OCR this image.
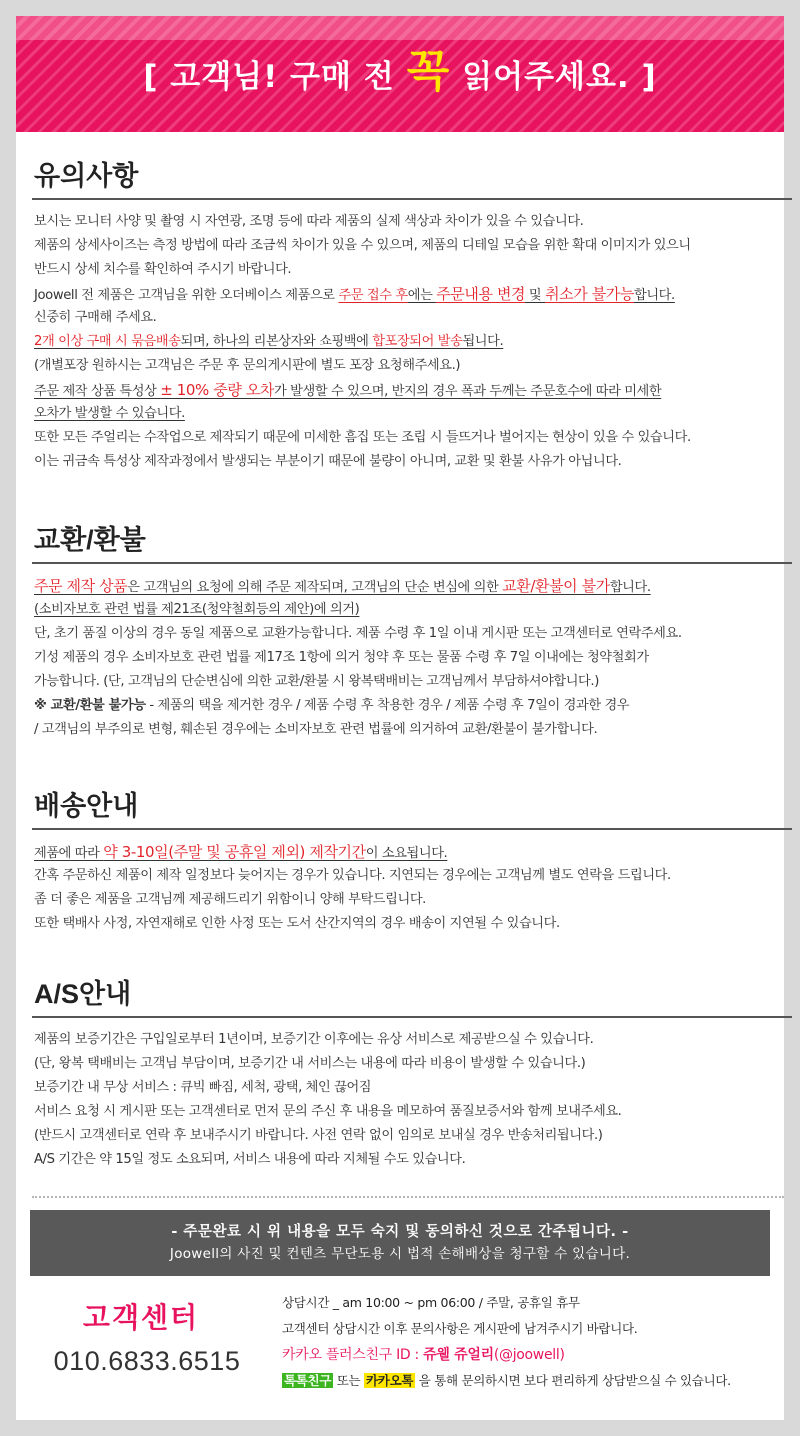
[ 고객님! 구매 전 꼭 읽어주세요. ]
유의사항
보시는 모니터 사양 및 촬영 시 자연광, 조명 등에 따라 제품의 실제 색상과 차이가 있을 수 있습니다.
제품의 상세사이즈는 측정 방법에 따라 조금씩 차이가 있을 수 있으며, 제품의 디테일 모습을 위한 확대 이미지가 있으니
반드시 상세 치수를 확인하여 주시기 바랍니다.
Joowell 전 제품은 고객님을 위한 오더베이스 제품으로 주문 접수 후에는 주문내용 변경 및 취소가 불가능합니다.
신중히 구매해 주세요.
2개 이상 구매 시 묶음배송되며, 하나의 리본상자와 쇼핑백에 합포장되어 발송됩니다.
(개별포장 원하시는 고객님은 주문 후 문의게시판에 별도 포장 요청해주세요.)
주문 제작 상품 특성상 ± 10% 중량 오차가 발생할 수 있으며, 반지의 경우 폭과 두께는 주문호수에 따라 미세한
오차가 발생할 수 있습니다.
또한 모든 주얼리는 수작업으로 제작되기 때문에 미세한 흠집 또는 조립 시 들뜨거나 벌어지는 현상이 있을 수 있습니다.
이는 귀금속 특성상 제작과정에서 발생되는 부분이기 때문에 불량이 아니며, 교환 및 환불 사유가 아닙니다.
교환/환불
주문 제작 상품은 고객님의 요청에 의해 주문 제작되며, 고객님의 단순 변심에 의한 교환/환불이 불가합니다.
(소비자보호 관련 법률 제21조(청약철회등의 제안)에 의거)
단, 초기 품질 이상의 경우 동일 제품으로 교환가능합니다. 제품 수령 후 1일 이내 게시판 또는 고객센터로 연락주세요.
기성 제품의 경우 소비자보호 관련 법률 제17조 1항에 의거 청약 후 또는 물품 수령 후 7일 이내에는 청약철회가
가능합니다. (단, 고객님의 단순변심에 의한 교환/환불 시 왕복택배비는 고객님께서 부담하셔야합니다.)
※ 교환/환불 불가능 - 제품의 택을 제거한 경우 / 제품 수령 후 착용한 경우 / 제품 수령 후 7일이 경과한 경우
/ 고객님의 부주의로 변형, 훼손된 경우에는 소비자보호 관련 법률에 의거하여 교환/환불이 불가합니다.
배송안내
제품에 따라 약 3-10일(주말 및 공휴일 제외) 제작기간이 소요됩니다.
간혹 주문하신 제품이 제작 일정보다 늦어지는 경우가 있습니다. 지연되는 경우에는 고객님께 별도 연락을 드립니다.
좀 더 좋은 제품을 고객님께 제공해드리기 위함이니 양해 부탁드립니다.
또한 택배사 사정, 자연재해로 인한 사정 또는 도서 산간지역의 경우 배송이 지연될 수 있습니다.
A/S안내
제품의 보증기간은 구입일로부터 1년이며, 보증기간 이후에는 유상 서비스로 제공받으실 수 있습니다.
(단, 왕복 택배비는 고객님 부담이며, 보증기간 내 서비스는 내용에 따라 비용이 발생할 수 있습니다.)
보증기간 내 무상 서비스 : 큐빅 빠짐, 세척, 광택, 체인 끊어짐
서비스 요청 시 게시판 또는 고객센터로 먼저 문의 주신 후 내용을 메모하여 품질보증서와 함께 보내주세요.
(반드시 고객센터로 연락 후 보내주시기 바랍니다. 사전 연락 없이 임의로 보내실 경우 반송처리됩니다.)
A/S 기간은 약 15일 정도 소요되며, 서비스 내용에 따라 지체될 수도 있습니다.
- 주문완료 시 위 내용을 모두 숙지 및 동의하신 것으로 간주됩니다. -
Joowell의 사진 및 컨텐츠 무단도용 시 법적 손해배상을 청구할 수 있습니다.
고객센터
010.6833.6515
상담시간 _ am 10:00 ~ pm 06:00 / 주말, 공휴일 휴무
고객센터 상담시간 이후 문의사항은 게시판에 남겨주시기 바랍니다.
카카오 플러스친구 ID : 쥬웰 쥬얼리(@joowell)
톡톡친구 또는 카카오톡 을 통해 문의하시면 보다 편리하게 상담받으실 수 있습니다.
